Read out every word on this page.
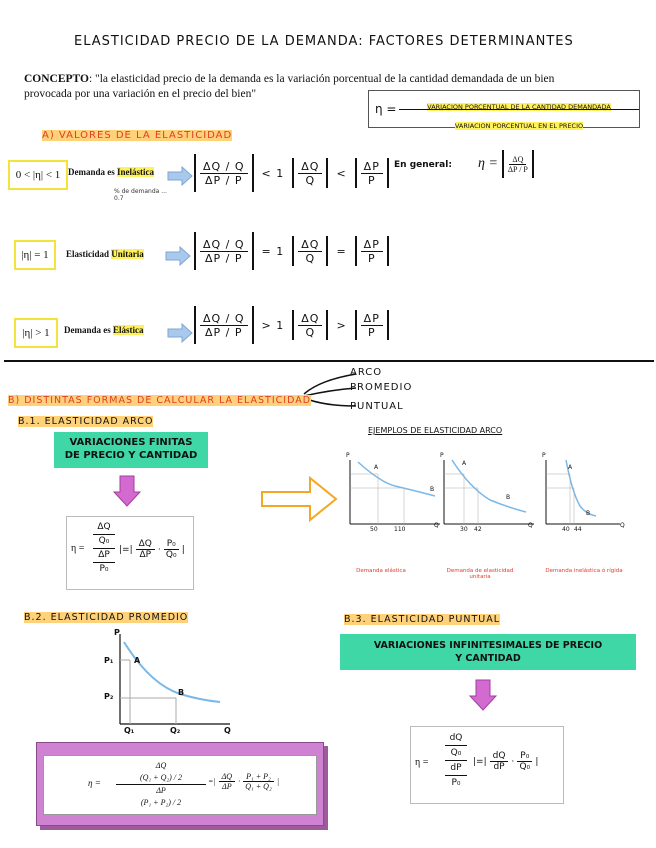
ELASTICIDAD PRECIO DE LA DEMANDA: FACTORES DETERMINANTES
CONCEPTO: "la elasticidad precio de la demanda es la variación porcentual de la cantidad demandada de un bien
provocada por una variación en el precio del bien"
η =	VARIACION PORCENTUAL DE LA CANTIDAD DEMANDADA
VARIACION PORCENTUAL EN EL PRECIO
A) VALORES DE LA ELASTICIDAD
0 < |η| < 1 Demanda es Inelástica
% de demanda ... 0.7
|η| = 1	Elasticidad Unitaria
|η| > 1	Demanda es Elástica
$\frac{\Delta Q / Q}{\Delta P / P} < 1 \frac{\Delta Q}{Q} < \frac{\Delta P}{P}$ En general: $\eta = \frac{\Delta Q}{\Delta P / P}$
$\frac{\Delta Q / Q}{\Delta P / P} = 1 \frac{\Delta Q}{Q} = \frac{\Delta P}{P}$
$\frac{\Delta Q / Q}{\Delta P / P} > 1 \frac{\Delta Q}{Q} > \frac{\Delta P}{P}$
ARCO
PROMEDIO
PUNTUAL
B) DISTINTAS FORMAS DE CALCULAR LA ELASTICIDAD
B.1. ELASTICIDAD ARCO
VARIACIONES FINITAS
DE PRECIO Y CANTIDAD
η =
ΔQ
Q₀
ΔP
P₀
|=| $\frac{\Delta Q}{\Delta P} \cdot \frac{\text{P₀}}{\text{Q₀}}$ |
EJEMPLOS DE ELASTICIDAD ARCO
P
A
B
50	110
Q
Demanda elástica
P
A
B
30 42
Q
Demanda de elasticidad unitaria
P
A
B
40 44
Q
Demanda inelástica ó rígida
B.2. ELASTICIDAD PROMEDIO
P
P₁
P₂
A
B
Q₁	Q₂	Q
η =
ΔQ
(Q₁ + Q₂) / 2
ΔP
(P₁ + P₂) / 2
=| $\frac{\Delta Q}{\Delta P} \cdot \frac{\text{P₁ + P₂}}{\text{Q₁ + Q₂}}$ |
B.3. ELASTICIDAD PUNTUAL
VARIACIONES INFINITESIMALES DE PRECIO
Y CANTIDAD
η =
dQ
Q₀
dP
P₀
|=| $\frac{dQ}{dP} \cdot \frac{\text{P₀}}{\text{Q₀}}$ |
